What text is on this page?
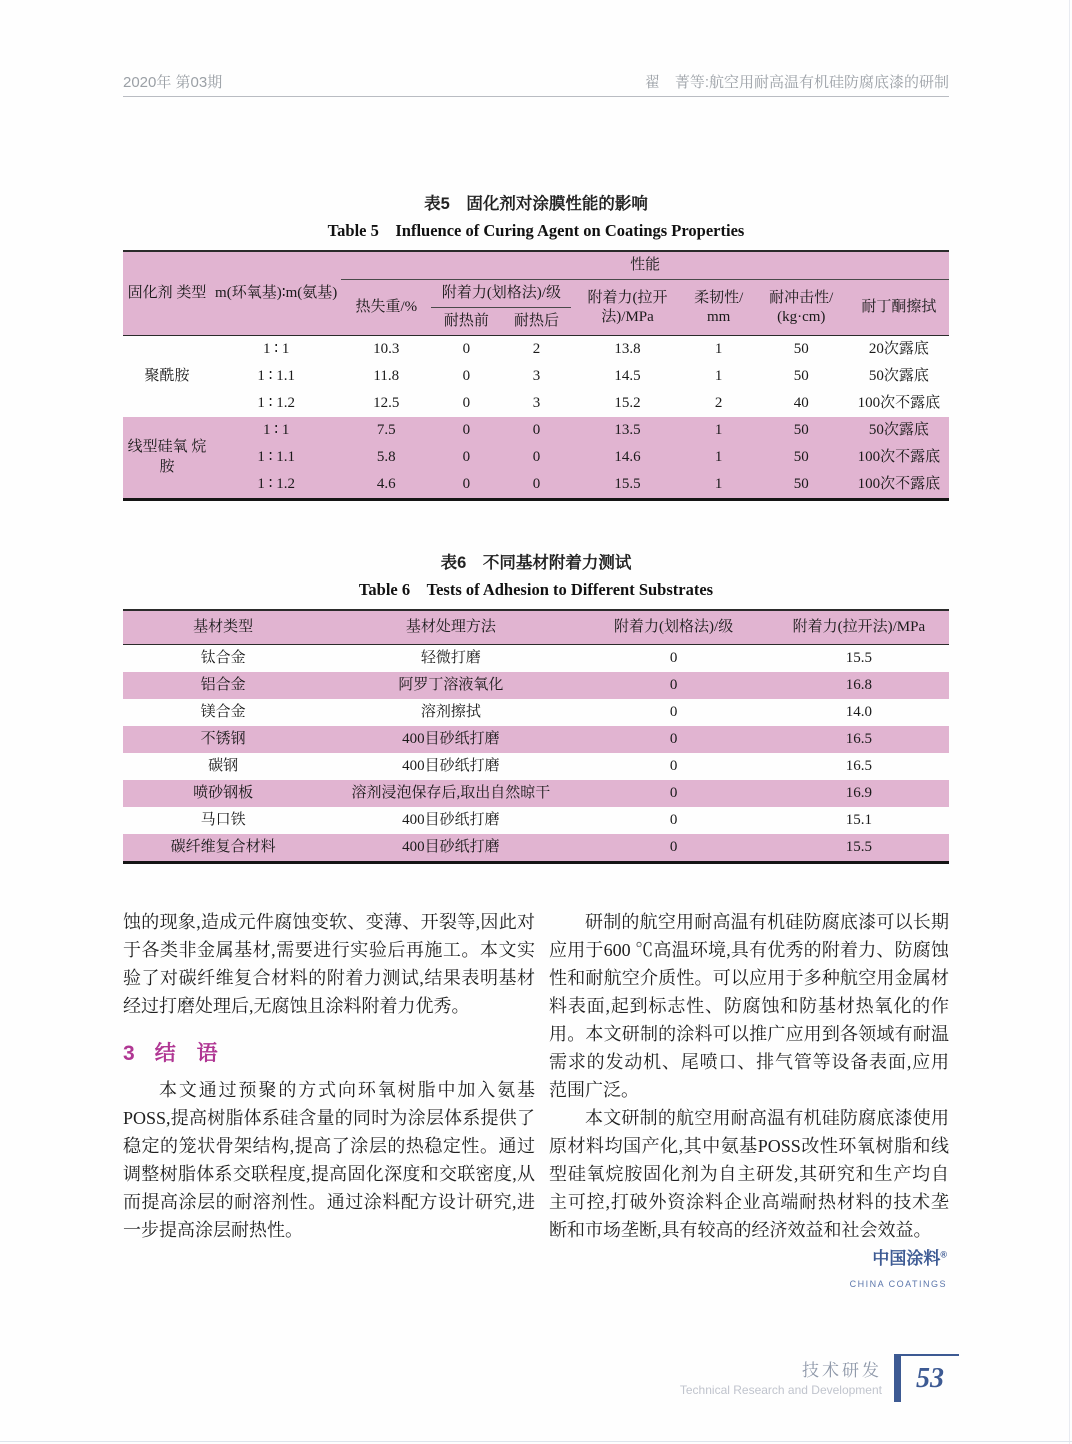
2020年 第03期	翟　菁等:航空用耐高温有机硅防腐底漆的研制
表5　固化剂对涂膜性能的影响
Table 5　Influence of Curing Agent on Coatings Properties
固化剂 类型	m(环氧基)∶m(氨基)	性能						
		热失重/%	附着力(划格法)/级		附着力(拉开法)/MPa	柔韧性/ mm	耐冲击性/ (kg·cm)	耐丁酮擦拭
			耐热前	耐热后				
聚酰胺	1 ∶ 1	10.3	0	2	13.8	1	50	20次露底
	1 ∶ 1.1	11.8	0	3	14.5	1	50	50次露底
	1 ∶ 1.2	12.5	0	3	15.2	2	40	100次不露底
线型硅氧 烷胺	1 ∶ 1	7.5	0	0	13.5	1	50	50次露底
	1 ∶ 1.1	5.8	0	0	14.6	1	50	100次不露底
	1 ∶ 1.2	4.6	0	0	15.5	1	50	100次不露底
表6　不同基材附着力测试
Table 6　Tests of Adhesion to Different Substrates
基材类型	基材处理方法	附着力(划格法)/级	附着力(拉开法)/MPa
钛合金	轻微打磨	0	15.5
铝合金	阿罗丁溶液氧化	0	16.8
镁合金	溶剂擦拭	0	14.0
不锈钢	400目砂纸打磨	0	16.5
碳钢	400目砂纸打磨	0	16.5
喷砂钢板	溶剂浸泡保存后,取出自然晾干	0	16.9
马口铁	400目砂纸打磨	0	15.1
碳纤维复合材料	400目砂纸打磨	0	15.5

蚀的现象,造成元件腐蚀变软、变薄、开裂等,因此对于各类非金属基材,需要进行实验后再施工。本文实验了对碳纤维复合材料的附着力测试,结果表明基材经过打磨处理后,无腐蚀且涂料附着力优秀。

3 结　语

本文通过预聚的方式向环氧树脂中加入氨基POSS,提高树脂体系硅含量的同时为涂层体系提供了稳定的笼状骨架结构,提高了涂层的热稳定性。通过调整树脂体系交联程度,提高固化深度和交联密度,从而提高涂层的耐溶剂性。通过涂料配方设计研究,进一步提高涂层耐热性。

研制的航空用耐高温有机硅防腐底漆可以长期应用于600 ℃高温环境,具有优秀的附着力、防腐蚀性和耐航空介质性。可以应用于多种航空用金属材料表面,起到标志性、防腐蚀和防基材热氧化的作用。本文研制的涂料可以推广应用到各领域有耐温需求的发动机、尾喷口、排气管等设备表面,应用范围广泛。

本文研制的航空用耐高温有机硅防腐底漆使用原材料均国产化,其中氨基POSS改性环氧树脂和线型硅氧烷胺固化剂为自主研发,其研究和生产均自主可控,打破外资涂料企业高端耐热材料的技术垄断和市场垄断,具有较高的经济效益和社会效益。

中国涂料®
CHINA COATINGS
技术研发
Technical Research and Development 53
